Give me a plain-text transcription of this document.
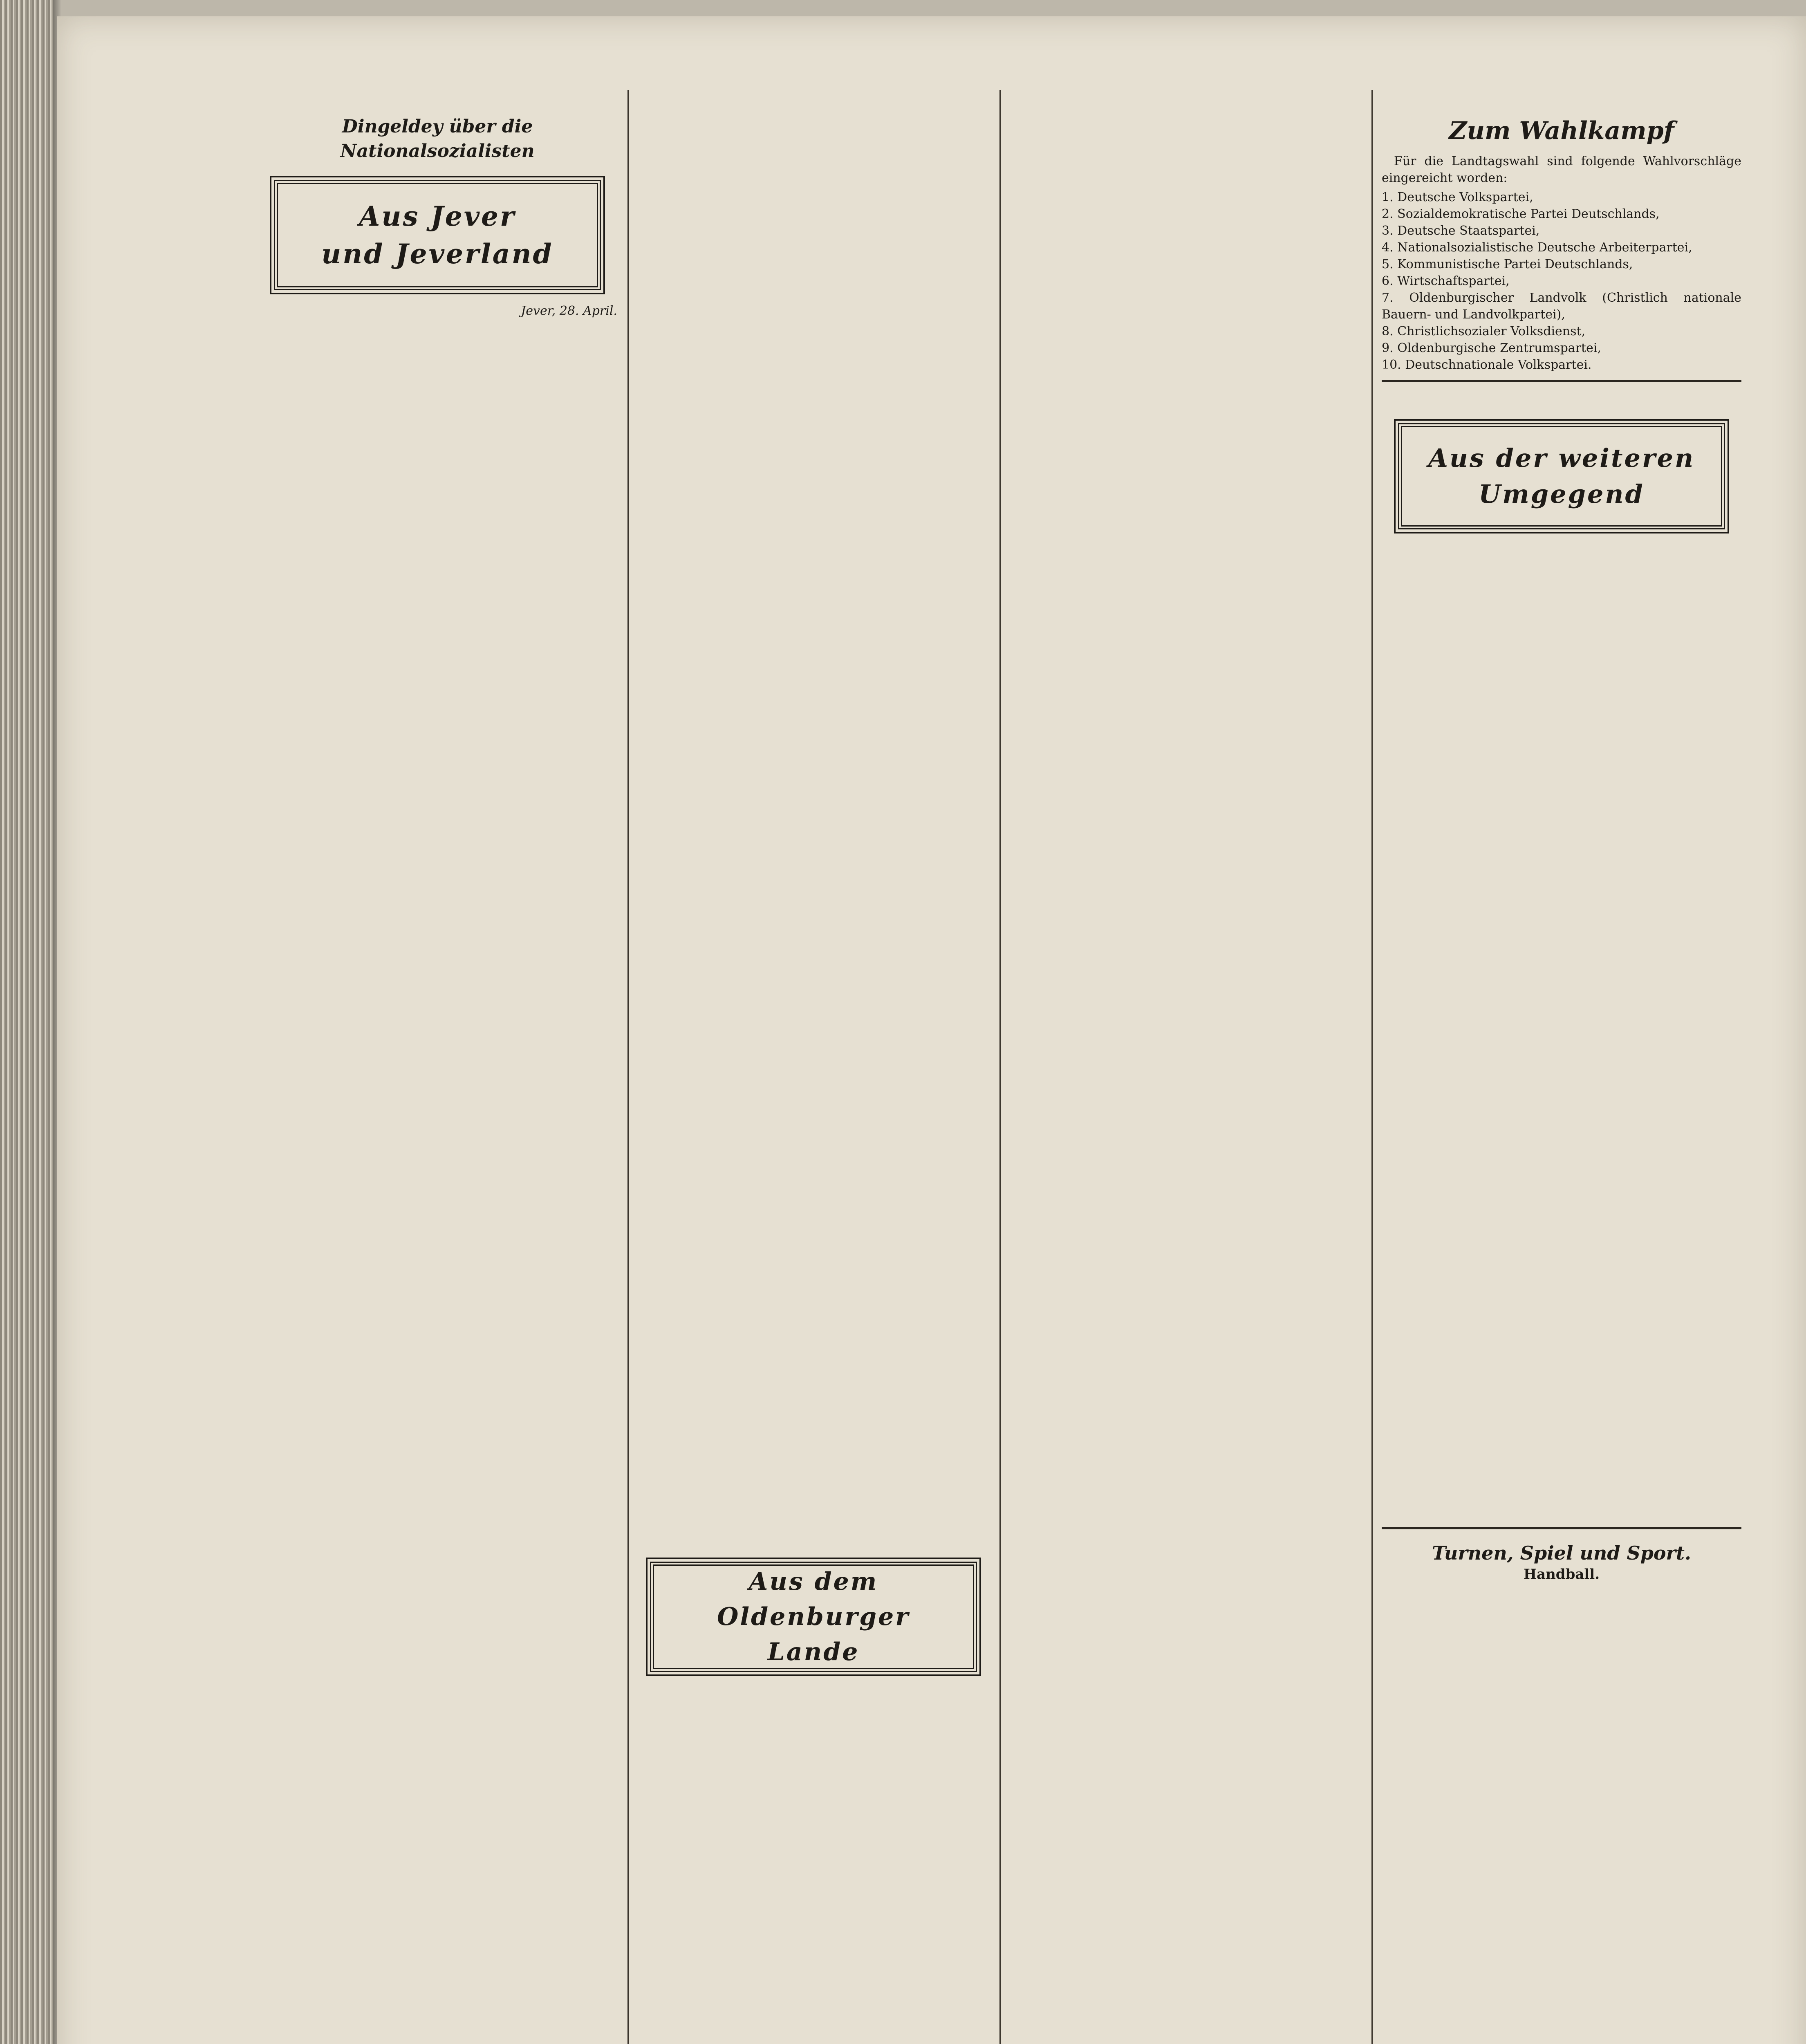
Dingeldey über die Nationalsozialisten
Aus Jever
und Jeverland
Jever, 28. April.
Aus dem Oldenburger
Lande
Zum Wahlkampf

Für die Landtagswahl sind folgende Wahlvorschläge eingereicht worden:

1. Deutsche Volkspartei,
2. Sozialdemokratische Partei Deutschlands,
3. Deutsche Staatspartei,
4. Nationalsozialistische Deutsche Arbeiterpartei,
5. Kommunistische Partei Deutschlands,
6. Wirtschaftspartei,
7. Oldenburgischer Landvolk (Christlich nationale Bauern- und Landvolkpartei),
8. Christlichsozialer Volksdienst,
9. Oldenburgische Zentrumspartei,
10. Deutschnationale Volkspartei.
Aus der weiteren
Umgegend
Turnen, Spiel und Sport.
Handball.
